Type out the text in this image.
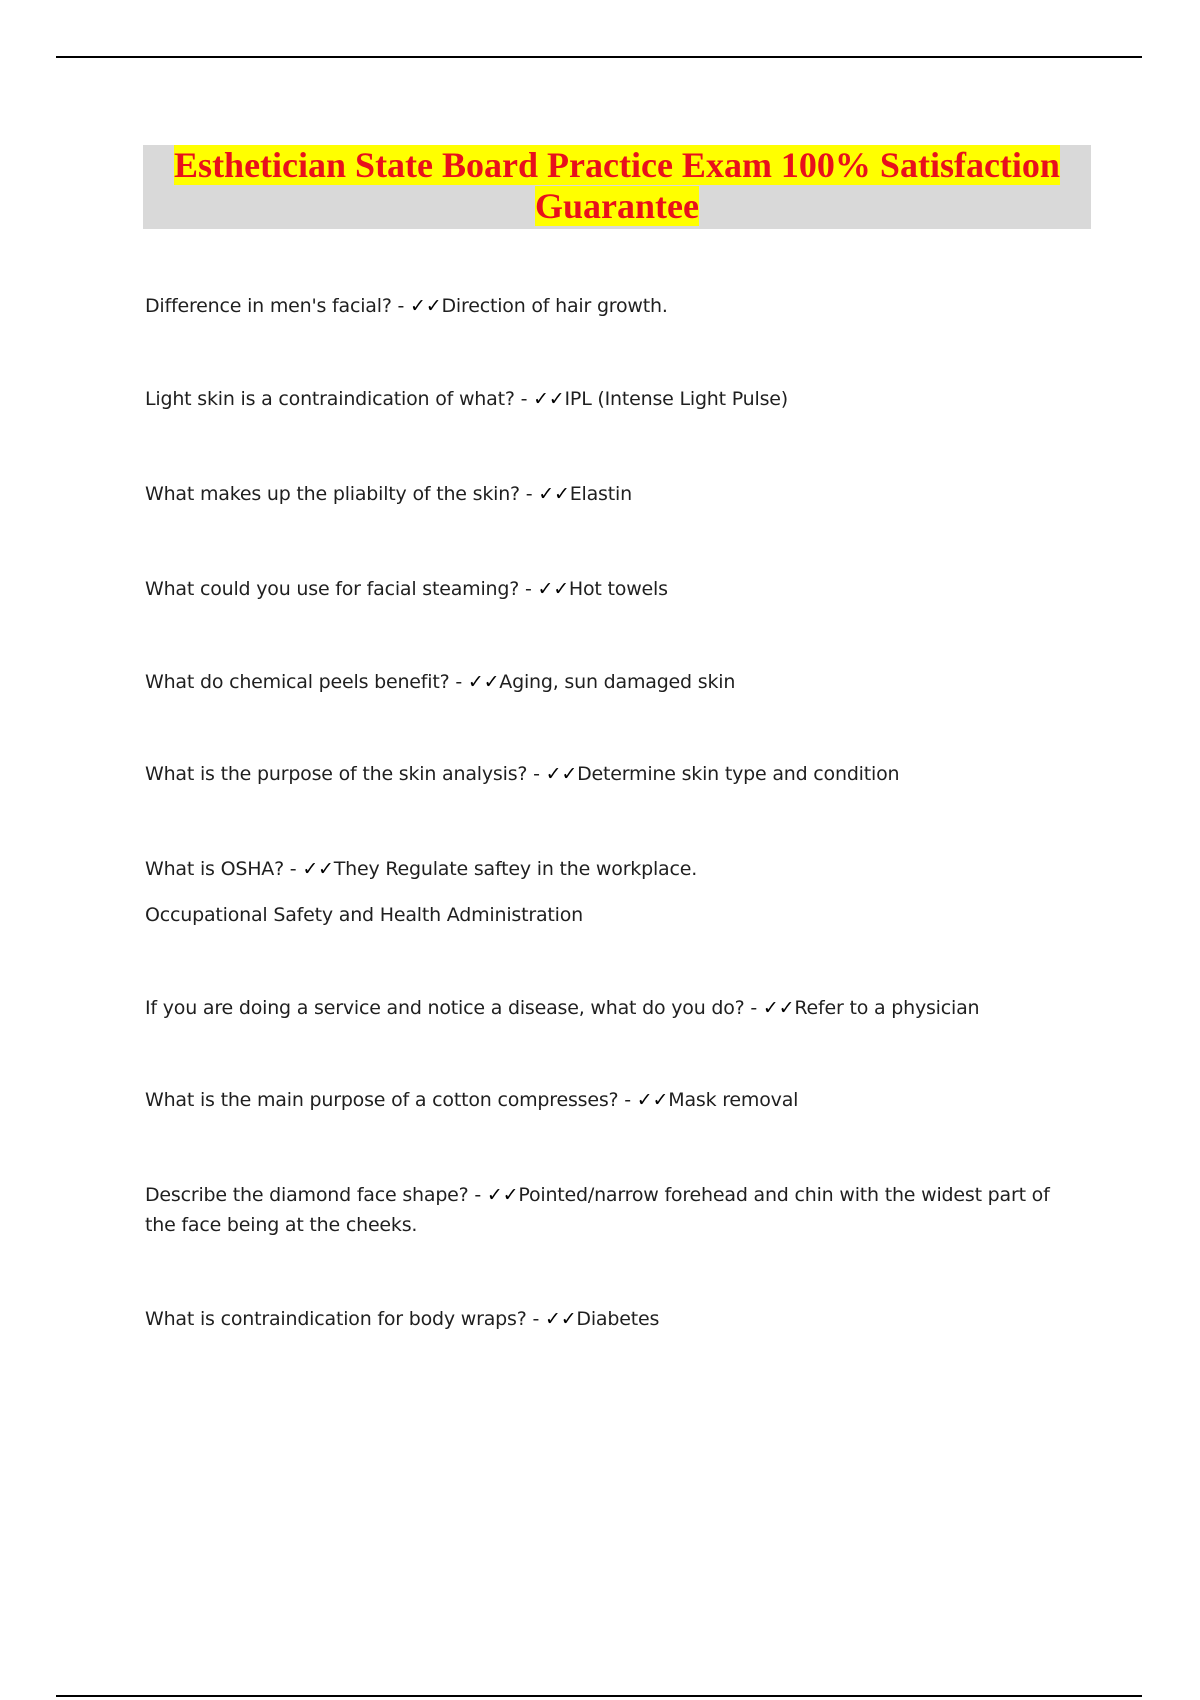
Esthetician State Board Practice Exam 100% Satisfaction Guarantee
Difference in men's facial? - ✓✓Direction of hair growth.
Light skin is a contraindication of what? - ✓✓IPL (Intense Light Pulse)
What makes up the pliabilty of the skin? - ✓✓Elastin
What could you use for facial steaming? - ✓✓Hot towels
What do chemical peels benefit? - ✓✓Aging, sun damaged skin
What is the purpose of the skin analysis? - ✓✓Determine skin type and condition
What is OSHA? - ✓✓They Regulate saftey in the workplace.
Occupational Safety and Health Administration
If you are doing a service and notice a disease, what do you do? - ✓✓Refer to a physician
What is the main purpose of a cotton compresses? - ✓✓Mask removal
Describe the diamond face shape? - ✓✓Pointed/narrow forehead and chin with the widest part of the face being at the cheeks.
What is contraindication for body wraps? - ✓✓Diabetes
